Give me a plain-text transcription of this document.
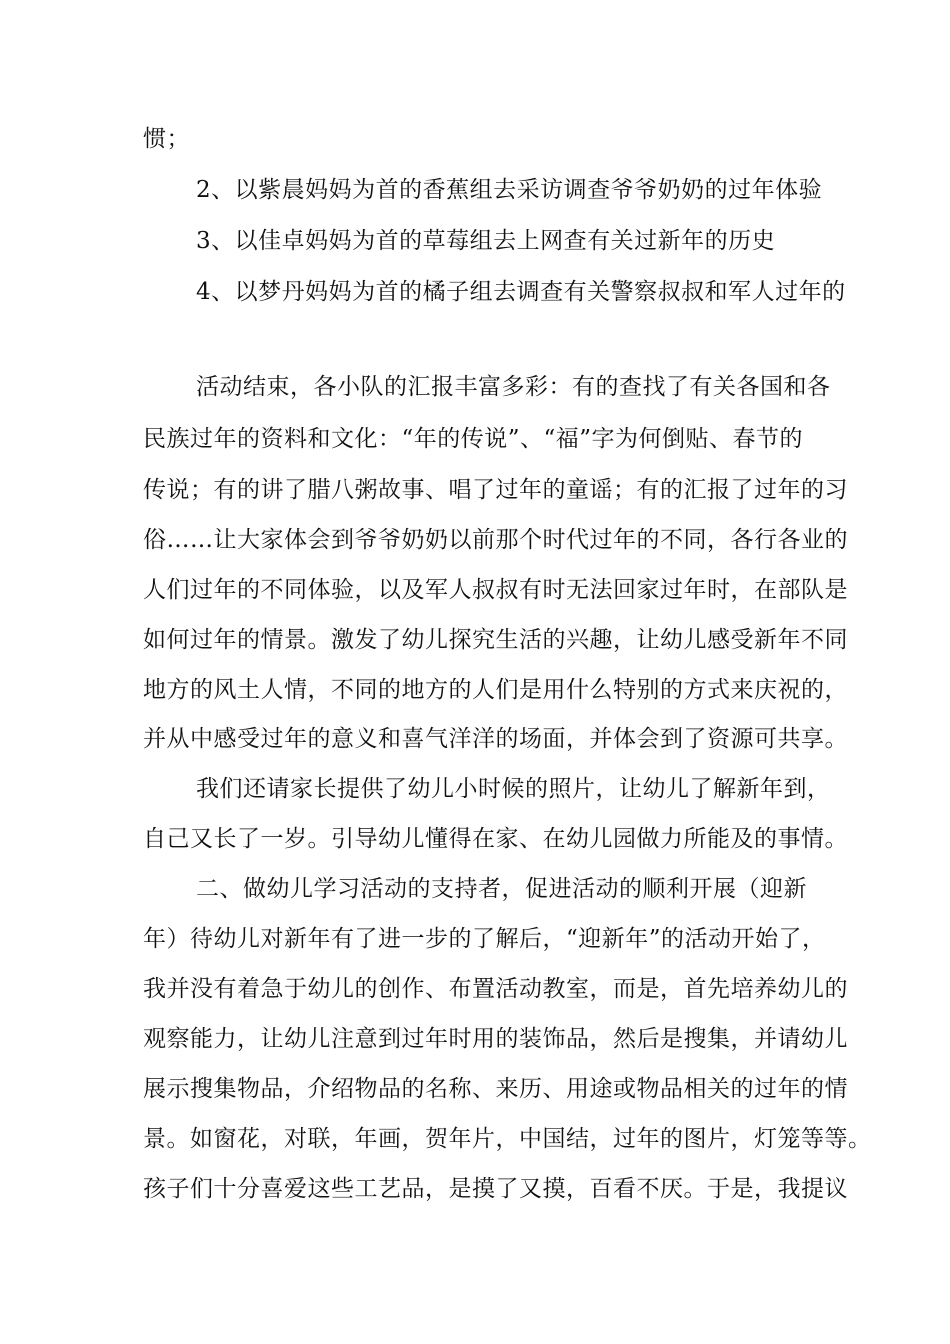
惯；
2、以紫晨妈妈为首的香蕉组去采访调查爷爷奶奶的过年体验
3、以佳卓妈妈为首的草莓组去上网查有关过新年的历史
4、以梦丹妈妈为首的橘子组去调查有关警察叔叔和军人过年的
活动结束，各小队的汇报丰富多彩：有的查找了有关各国和各
民族过年的资料和文化：“年的传说”、“福”字为何倒贴、春节的
传说；有的讲了腊八粥故事、唱了过年的童谣；有的汇报了过年的习
俗……让大家体会到爷爷奶奶以前那个时代过年的不同，各行各业的
人们过年的不同体验，以及军人叔叔有时无法回家过年时，在部队是
如何过年的情景。激发了幼儿探究生活的兴趣，让幼儿感受新年不同
地方的风土人情，不同的地方的人们是用什么特别的方式来庆祝的，
并从中感受过年的意义和喜气洋洋的场面，并体会到了资源可共享。
我们还请家长提供了幼儿小时候的照片，让幼儿了解新年到，
自己又长了一岁。引导幼儿懂得在家、在幼儿园做力所能及的事情。
二、做幼儿学习活动的支持者，促进活动的顺利开展（迎新
年）待幼儿对新年有了进一步的了解后，“迎新年”的活动开始了，
我并没有着急于幼儿的创作、布置活动教室，而是，首先培养幼儿的
观察能力，让幼儿注意到过年时用的装饰品，然后是搜集，并请幼儿
展示搜集物品，介绍物品的名称、来历、用途或物品相关的过年的情
景。如窗花，对联，年画，贺年片，中国结，过年的图片，灯笼等等。
孩子们十分喜爱这些工艺品，是摸了又摸，百看不厌。于是，我提议
